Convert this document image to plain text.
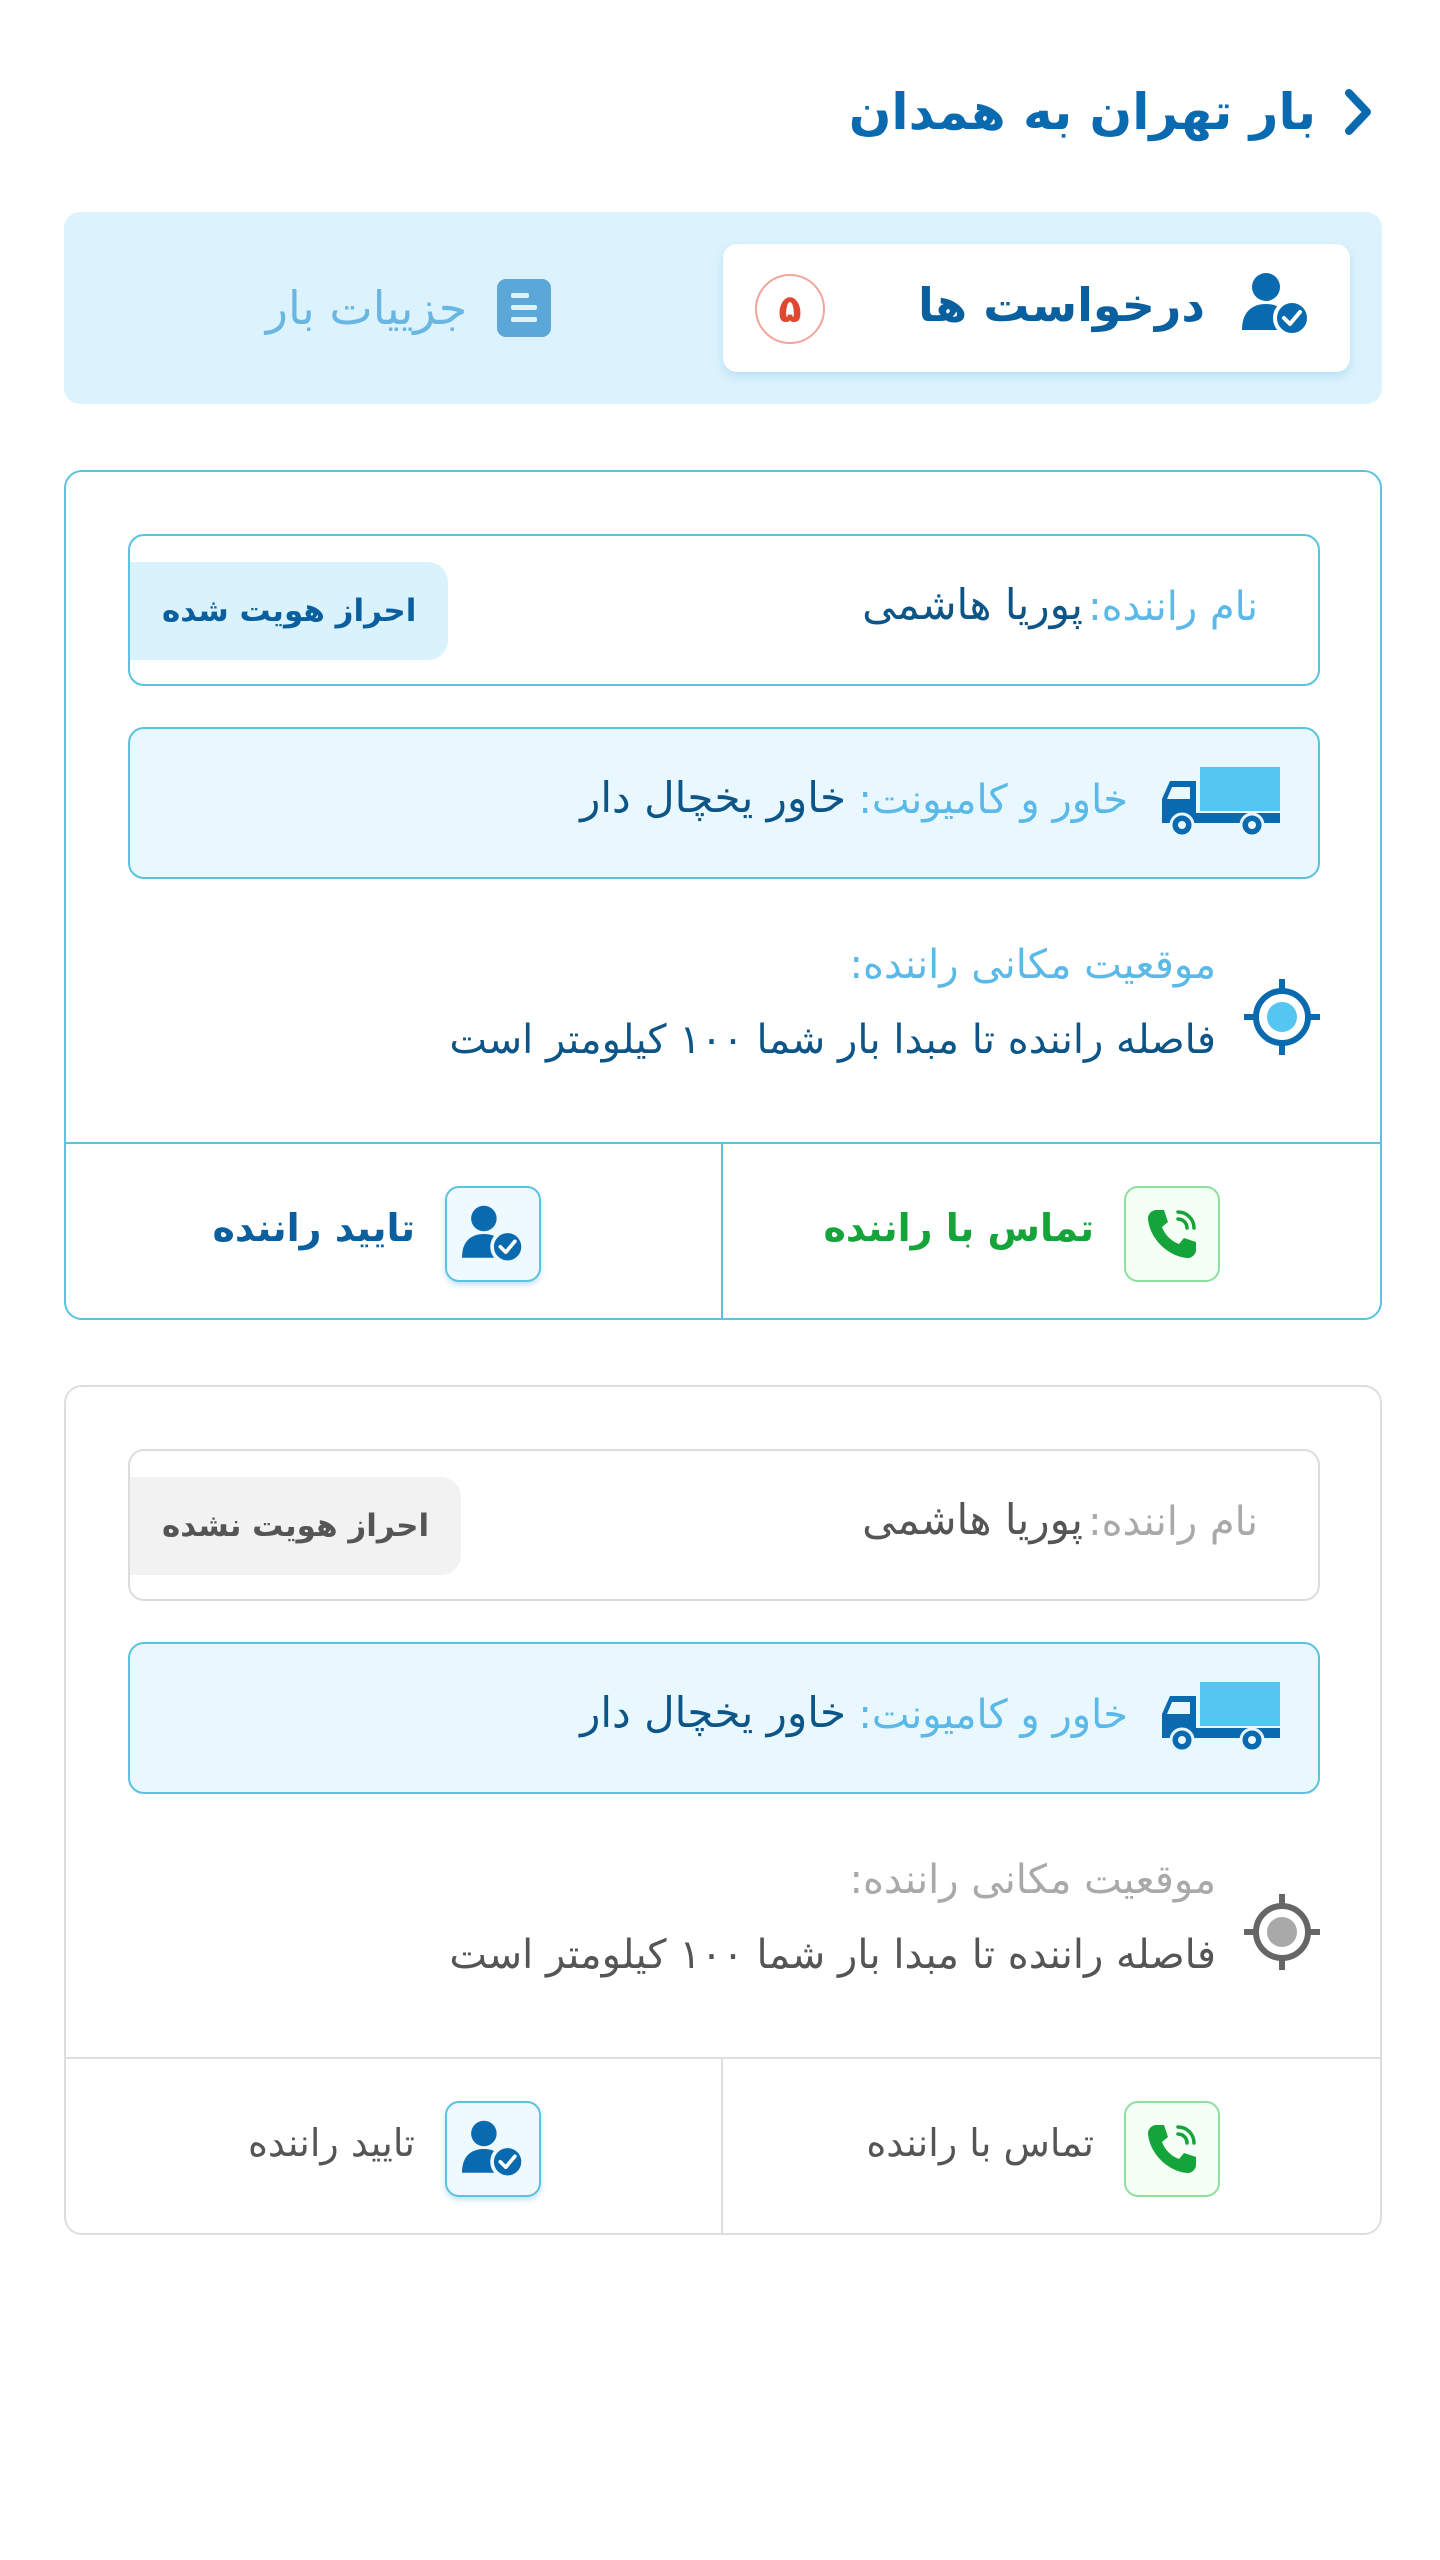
بار تهران به همدان
درخواست ها
۵
جزییات بار
نام راننده:
پوریا هاشمی
احراز هویت شده
خاور و کامیونت:
خاور یخچال دار
موقعیت مکانی راننده:
فاصله راننده تا مبدا بار شما ۱۰۰ کیلومتر است
تماس با راننده
تایید راننده
نام راننده:
پوریا هاشمی
احراز هویت نشده
خاور و کامیونت:
خاور یخچال دار
موقعیت مکانی راننده:
فاصله راننده تا مبدا بار شما ۱۰۰ کیلومتر است
تماس با راننده
تایید راننده
